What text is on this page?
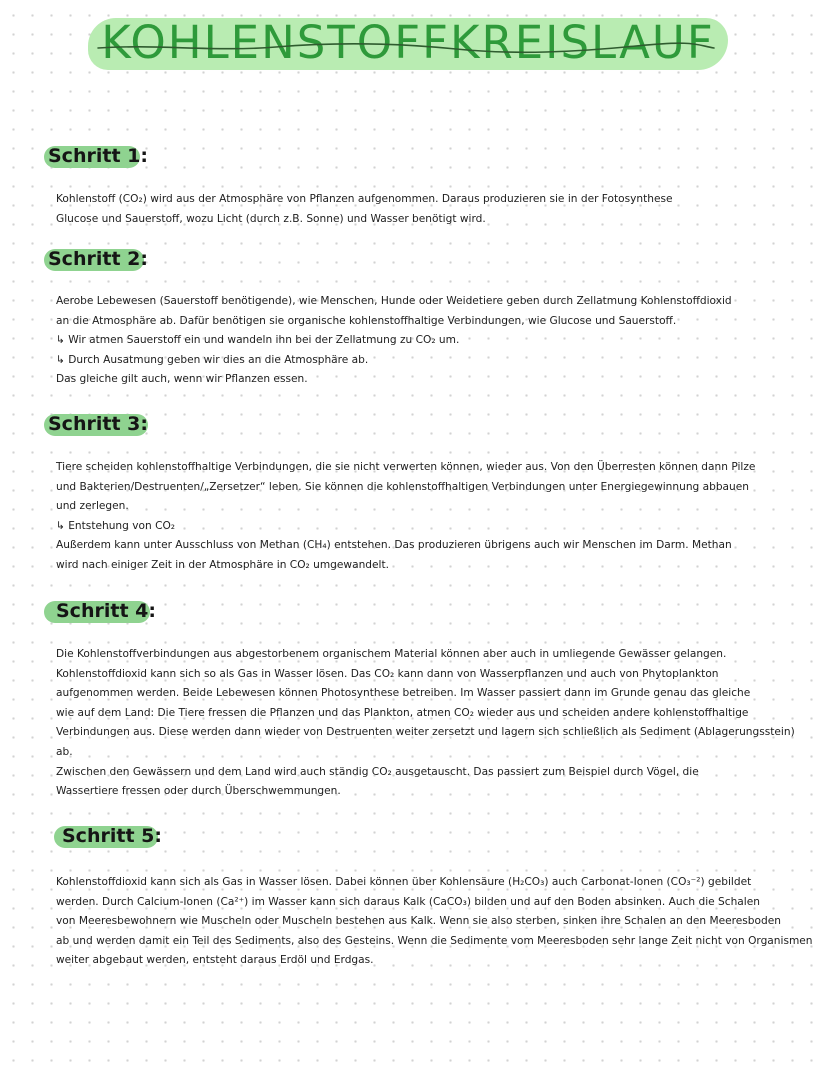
KOHLENSTOFFKREISLAUF
Schritt 1:
Kohlenstoff (CO₂) wird aus der Atmosphäre von Pflanzen aufgenommen. Daraus produzieren sie in der Fotosynthese
Glucose und Sauerstoff, wozu Licht (durch z.B. Sonne) und Wasser benötigt wird.
Schritt 2:
Aerobe Lebewesen (Sauerstoff benötigende), wie Menschen, Hunde oder Weidetiere geben durch Zellatmung Kohlenstoffdioxid
an die Atmosphäre ab. Dafür benötigen sie organische kohlenstoffhaltige Verbindungen, wie Glucose und Sauerstoff.
↳ Wir atmen Sauerstoff ein und wandeln ihn bei der Zellatmung zu CO₂ um.
↳ Durch Ausatmung geben wir dies an die Atmosphäre ab.
Das gleiche gilt auch, wenn wir Pflanzen essen.
Schritt 3:
Tiere scheiden kohlenstoffhaltige Verbindungen, die sie nicht verwerten können, wieder aus. Von den Überresten können dann Pilze
und Bakterien/Destruenten/„Zersetzer“ leben. Sie können die kohlenstoffhaltigen Verbindungen unter Energiegewinnung abbauen
und zerlegen.
↳ Entstehung von CO₂
Außerdem kann unter Ausschluss von Methan (CH₄) entstehen. Das produzieren übrigens auch wir Menschen im Darm. Methan
wird nach einiger Zeit in der Atmosphäre in CO₂ umgewandelt.
Schritt 4:
Die Kohlenstoffverbindungen aus abgestorbenem organischem Material können aber auch in umliegende Gewässer gelangen.
Kohlenstoffdioxid kann sich so als Gas in Wasser lösen. Das CO₂ kann dann von Wasserpflanzen und auch von Phytoplankton
aufgenommen werden. Beide Lebewesen können Photosynthese betreiben. Im Wasser passiert dann im Grunde genau das gleiche
wie auf dem Land: Die Tiere fressen die Pflanzen und das Plankton, atmen CO₂ wieder aus und scheiden andere kohlenstoffhaltige
Verbindungen aus. Diese werden dann wieder von Destruenten weiter zersetzt und lagern sich schließlich als Sediment (Ablagerungsstein)
ab.
Zwischen den Gewässern und dem Land wird auch ständig CO₂ ausgetauscht. Das passiert zum Beispiel durch Vögel, die
Wassertiere fressen oder durch Überschwemmungen.
Schritt 5:
Kohlenstoffdioxid kann sich als Gas in Wasser lösen. Dabei können über Kohlensäure (H₂CO₃) auch Carbonat-Ionen (CO₃⁻²) gebildet
werden. Durch Calcium-Ionen (Ca²⁺) im Wasser kann sich daraus Kalk (CaCO₃) bilden und auf den Boden absinken. Auch die Schalen
von Meeresbewohnern wie Muscheln oder Muscheln bestehen aus Kalk. Wenn sie also sterben, sinken ihre Schalen an den Meeresboden
ab und werden damit ein Teil des Sediments, also des Gesteins. Wenn die Sedimente vom Meeresboden sehr lange Zeit nicht von Organismen
weiter abgebaut werden, entsteht daraus Erdöl und Erdgas.
